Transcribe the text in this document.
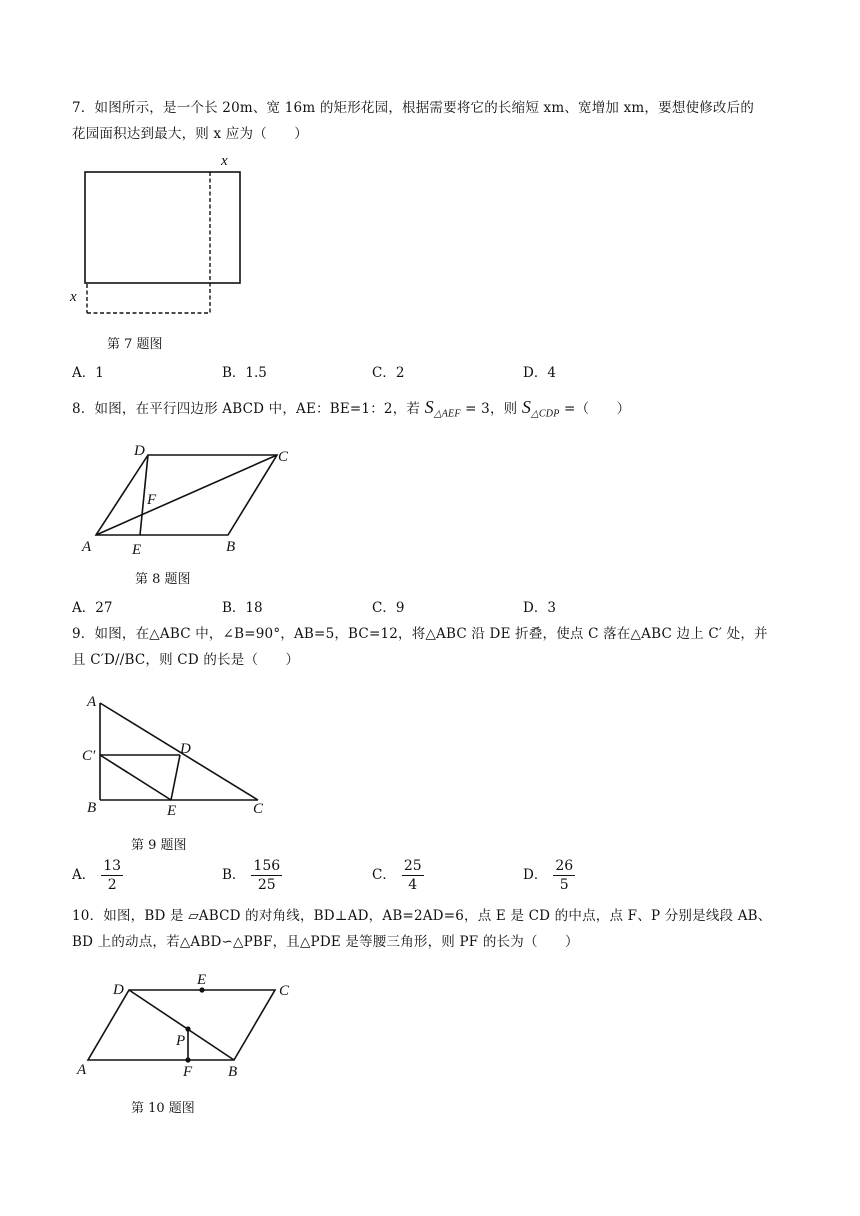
7．如图所示，是一个长 20m、宽 16m 的矩形花园，根据需要将它的长缩短 xm、宽增加 xm，要想使修改后的
花园面积达到最大，则 x 应为（　　）
x
x
第 7 题图
A．1	B．1.5	C．2	D．4
8．如图，在平行四边形 ABCD 中，AE：BE=1：2，若 $S_{\triangle AEF} = 3$，则 $S_{\triangle CDP}$ =（　　）
A	B
C
D
E
F
第 8 题图
A．27	B．18	C．9	D．3
9．如图，在△ABC 中，∠B=90°，AB=5，BC=12，将△ABC 沿 DE 折叠，使点 C 落在△ABC 边上 C′ 处，并
且 C′D//BC，则 CD 的长是（　　）
A
B	C
C′	D
E
第 9 题图
A． $\frac{13}{2}$	B． $\frac{156}{25}$	C． $\frac{25}{4}$	D． $\frac{26}{5}$
10．如图，BD 是 ▱ABCD 的对角线，BD⊥AD，AB=2AD=6，点 E 是 CD 的中点，点 F、P 分别是线段 AB、
BD 上的动点，若△ABD∽△PBF，且△PDE 是等腰三角形，则 PF 的长为（　　）
A	B
C
D
E
F
P
第 10 题图
